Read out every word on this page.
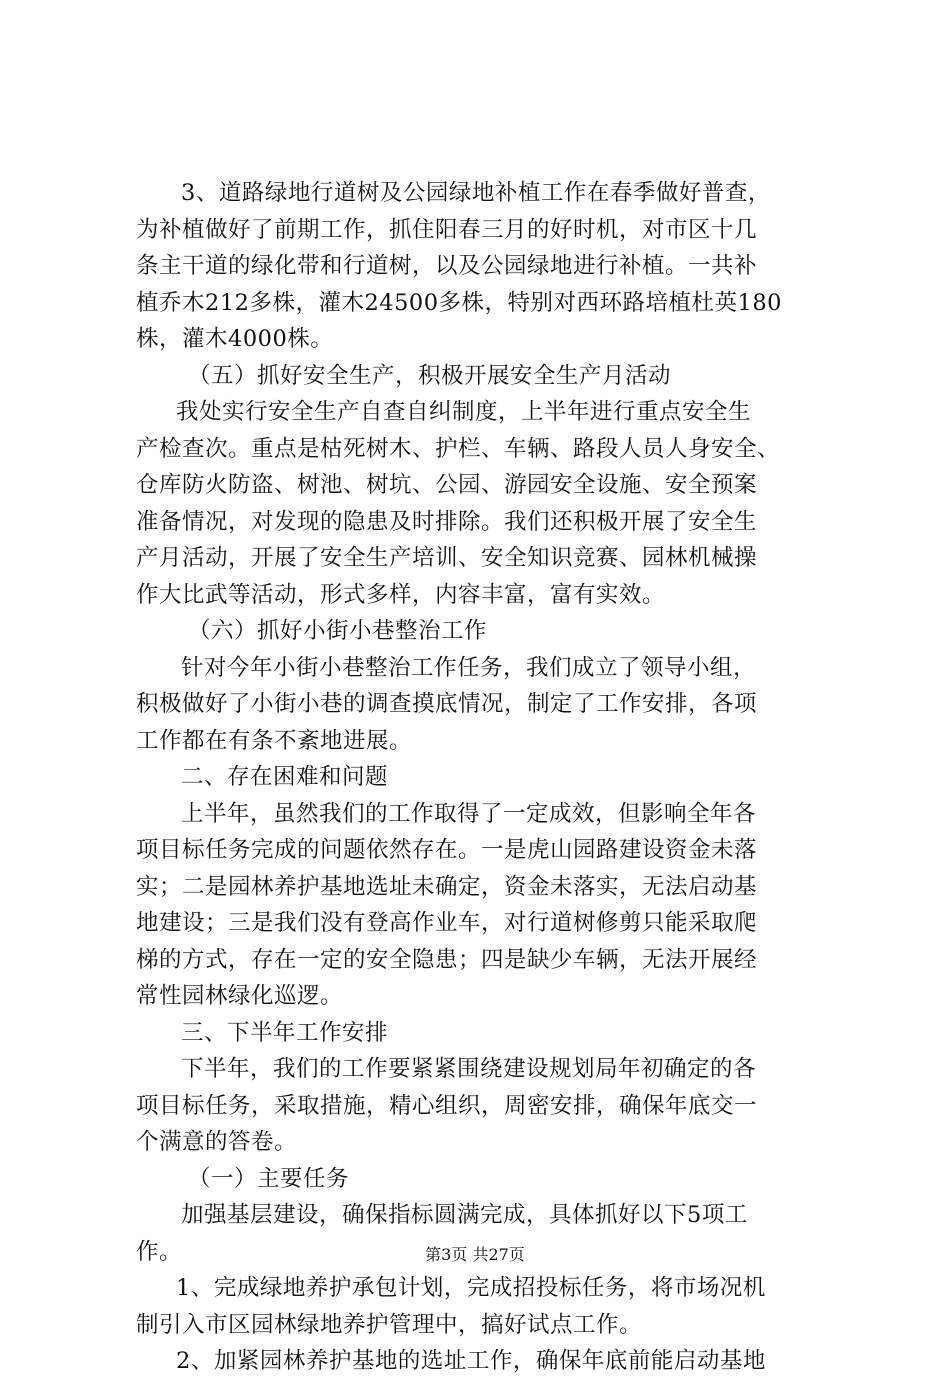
3、道路绿地行道树及公园绿地补植工作在春季做好普查，
为补植做好了前期工作，抓住阳春三月的好时机，对市区十几
条主干道的绿化带和行道树，以及公园绿地进行补植。一共补
植乔木212多株，灌木24500多株，特别对西环路培植杜英180
株，灌木4000株。
（五）抓好安全生产，积极开展安全生产月活动
我处实行安全生产自查自纠制度，上半年进行重点安全生
产检查次。重点是枯死树木、护栏、车辆、路段人员人身安全、
仓库防火防盗、树池、树坑、公园、游园安全设施、安全预案
准备情况，对发现的隐患及时排除。我们还积极开展了安全生
产月活动，开展了安全生产培训、安全知识竞赛、园林机械操
作大比武等活动，形式多样，内容丰富，富有实效。
（六）抓好小街小巷整治工作
针对今年小街小巷整治工作任务，我们成立了领导小组，
积极做好了小街小巷的调查摸底情况，制定了工作安排，各项
工作都在有条不紊地进展。
二、存在困难和问题
上半年，虽然我们的工作取得了一定成效，但影响全年各
项目标任务完成的问题依然存在。一是虎山园路建设资金未落
实；二是园林养护基地选址未确定，资金未落实，无法启动基
地建设；三是我们没有登高作业车，对行道树修剪只能采取爬
梯的方式，存在一定的安全隐患；四是缺少车辆，无法开展经
常性园林绿化巡逻。
三、下半年工作安排
下半年，我们的工作要紧紧围绕建设规划局年初确定的各
项目标任务，采取措施，精心组织，周密安排，确保年底交一
个满意的答卷。
（一）主要任务
加强基层建设，确保指标圆满完成，具体抓好以下5项工
作。
1、完成绿地养护承包计划，完成招投标任务，将市场况机
制引入市区园林绿地养护管理中，搞好试点工作。
2、加紧园林养护基地的选址工作，确保年底前能启动基地
第3页 共27页
